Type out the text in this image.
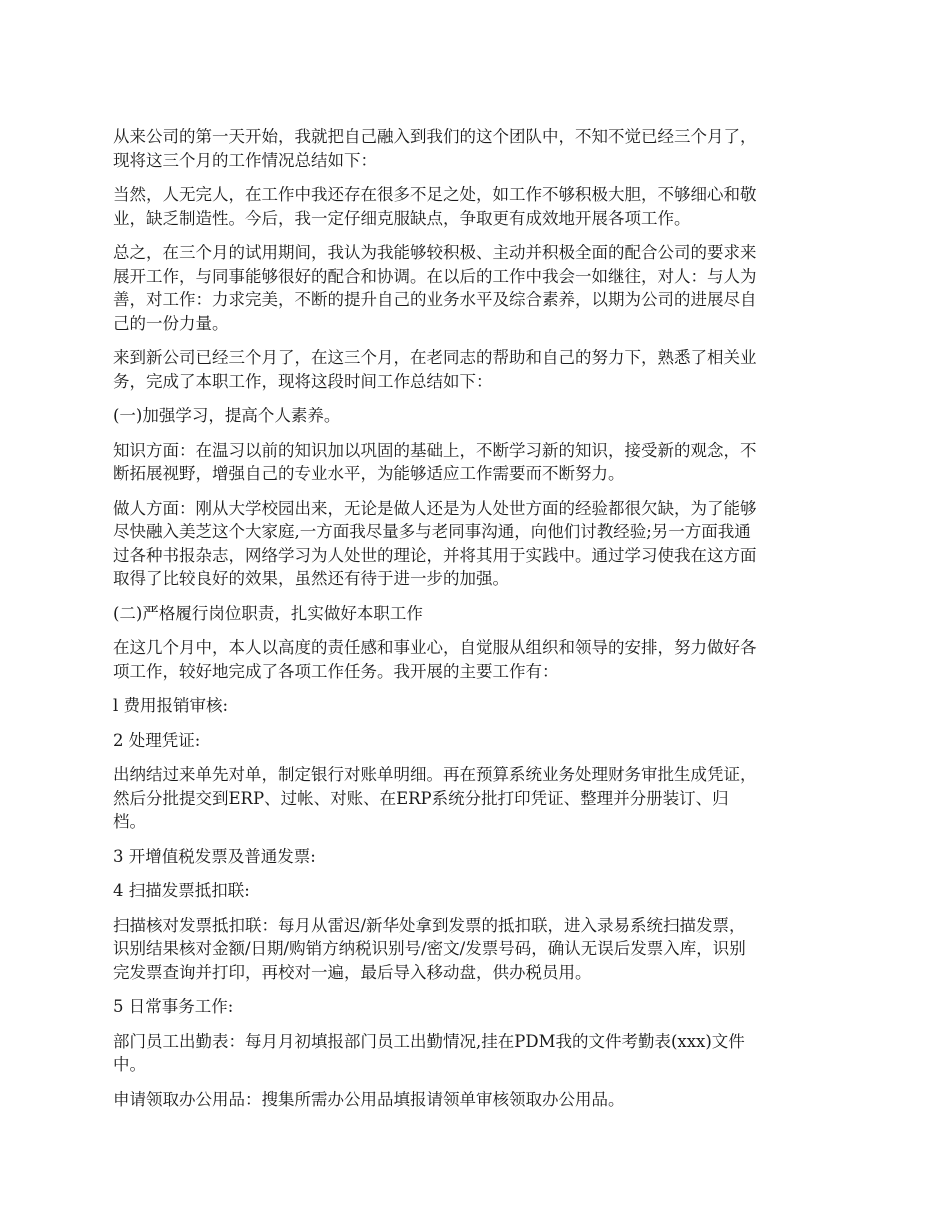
从来公司的第一天开始，我就把自己融入到我们的这个团队中，不知不觉已经三个月了，
现将这三个月的工作情况总结如下：

当然，人无完人，在工作中我还存在很多不足之处，如工作不够积极大胆，不够细心和敬
业，缺乏制造性。今后，我一定仔细克服缺点，争取更有成效地开展各项工作。

总之，在三个月的试用期间，我认为我能够较积极、主动并积极全面的配合公司的要求来
展开工作，与同事能够很好的配合和协调。在以后的工作中我会一如继往，对人：与人为
善，对工作：力求完美，不断的提升自己的业务水平及综合素养，以期为公司的进展尽自
己的一份力量。

来到新公司已经三个月了，在这三个月，在老同志的帮助和自己的努力下，熟悉了相关业
务，完成了本职工作，现将这段时间工作总结如下：

(一)加强学习，提高个人素养。

知识方面：在温习以前的知识加以巩固的基础上，不断学习新的知识，接受新的观念，不
断拓展视野，增强自己的专业水平，为能够适应工作需要而不断努力。

做人方面：刚从大学校园出来，无论是做人还是为人处世方面的经验都很欠缺，为了能够
尽快融入美芝这个大家庭,一方面我尽量多与老同事沟通，向他们讨教经验;另一方面我通
过各种书报杂志，网络学习为人处世的理论，并将其用于实践中。通过学习使我在这方面
取得了比较良好的效果，虽然还有待于进一步的加强。

(二)严格履行岗位职责，扎实做好本职工作

在这几个月中，本人以高度的责任感和事业心，自觉服从组织和领导的安排，努力做好各
项工作，较好地完成了各项工作任务。我开展的主要工作有：

l 费用报销审核:

2 处理凭证:

出纳结过来单先对单，制定银行对账单明细。再在预算系统业务处理财务审批生成凭证，
然后分批提交到ERP、过帐、对账、在ERP系统分批打印凭证、整理并分册装订、归
档。

3 开增值税发票及普通发票:

4 扫描发票抵扣联:

扫描核对发票抵扣联：每月从雷迟/新华处拿到发票的抵扣联，进入录易系统扫描发票，
识别结果核对金额/日期/购销方纳税识别号/密文/发票号码，确认无误后发票入库，识别
完发票查询并打印，再校对一遍，最后导入移动盘，供办税员用。

5 日常事务工作:

部门员工出勤表：每月月初填报部门员工出勤情况,挂在PDM我的文件考勤表(xxx)文件
中。

申请领取办公用品：搜集所需办公用品填报请领单审核领取办公用品。
